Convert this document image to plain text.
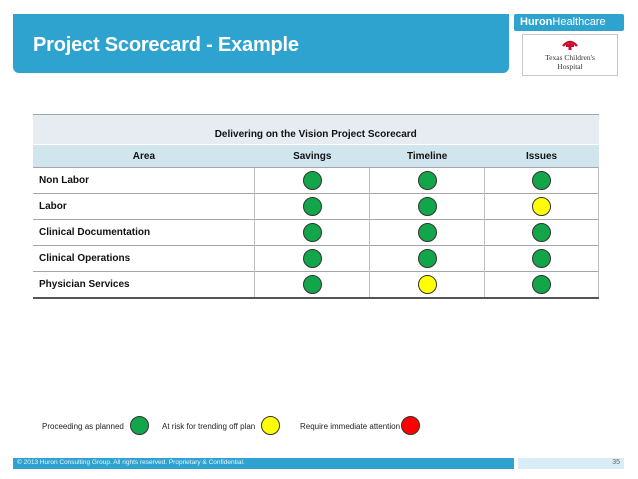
Project Scorecard - Example
HuronHealthcare
Texas Children's
Hospital
Delivering on the Vision Project Scorecard			
Area	Savings	Timeline	Issues
Non Labor			
Labor			
Clinical Documentation			
Clinical Operations			
Physician Services			
Proceeding as planned	At risk for trending off plan	Require immediate attention
© 2013 Huron Consulting Group. All rights reserved. Proprietary & Confidential.	35
